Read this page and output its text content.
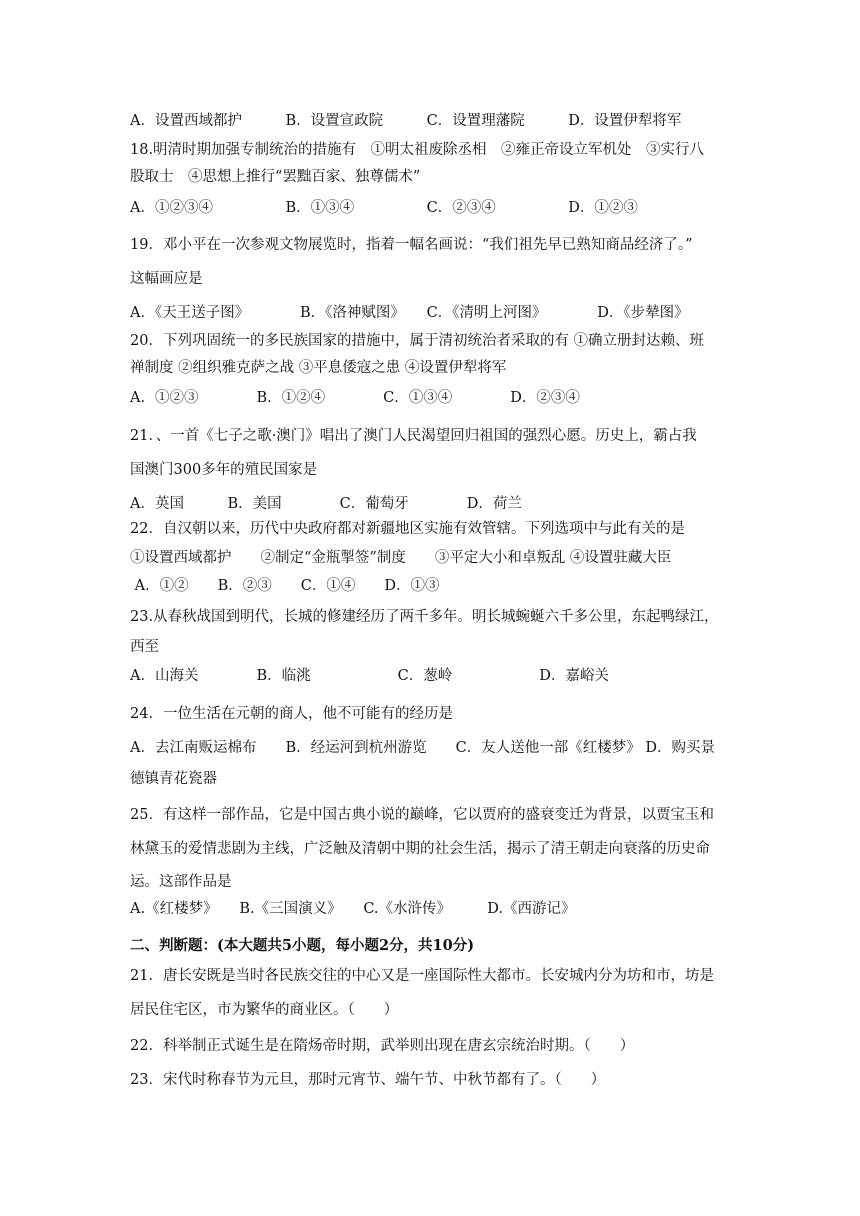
A．设置西域都护　　　B．设置宣政院　　　C．设置理藩院　　　D．设置伊犁将军
18.明清时期加强专制统治的措施有　①明太祖废除丞相　②雍正帝设立军机处　③实行八
股取士　④思想上推行“罢黜百家、独尊儒术”
A．①②③④　　　　　B．①③④　　　　　C．②③④　　　　　D．①②③
19．邓小平在一次参观文物展览时，指着一幅名画说：“我们祖先早已熟知商品经济了。”
这幅画应是
A．《天王送子图》　　　　B．《洛神赋图》　　C．《清明上河图》　　　　D．《步辇图》
20．下列巩固统一的多民族国家的措施中，属于清初统治者采取的有 ①确立册封达赖、班
禅制度 ②组织雅克萨之战 ③平息倭寇之患 ④设置伊犁将军
A．①②③　　　　B．①②④　　　　C．①③④　　　　D．②③④
21．、一首《七子之歌·澳门》唱出了澳门人民渴望回归祖国的强烈心愿。历史上，霸占我
国澳门300多年的殖民国家是
A．英国　　　B．美国　　　　C．葡萄牙　　　　D．荷兰
22．自汉朝以来，历代中央政府都对新疆地区实施有效管辖。下列选项中与此有关的是
①设置西域都护　　②制定“金瓶掣签”制度　　③平定大小和卓叛乱 ④设置驻藏大臣
A．①②　　B．②③　　C．①④　　D．①③
23.从春秋战国到明代，长城的修建经历了两千多年。明长城蜿蜒六千多公里，东起鸭绿江，
西至
A．山海关　　　　B．临洮　　　　　　C．葱岭　　　　　　D．嘉峪关
24．一位生活在元朝的商人，他不可能有的经历是
A．去江南贩运棉布　　B．经运河到杭州游览　　C．友人送他一部《红楼梦》 D．购买景
德镇青花瓷器
25．有这样一部作品，它是中国古典小说的巅峰，它以贾府的盛衰变迁为背景，以贾宝玉和
林黛玉的爱情悲剧为主线，广泛触及清朝中期的社会生活，揭示了清王朝走向衰落的历史命
运。这部作品是
A.《红楼梦》　　B.《三国演义》　　C.《水浒传》　　　D.《西游记》
二、判断题：(本大题共5小题，每小题2分，共10分)
21．唐长安既是当时各民族交往的中心又是一座国际性大都市。长安城内分为坊和市，坊是
居民住宅区，市为繁华的商业区。（　　）
22．科举制正式诞生是在隋炀帝时期，武举则出现在唐玄宗统治时期。（　　）
23．宋代时称春节为元旦，那时元宵节、端午节、中秋节都有了。（　　）
